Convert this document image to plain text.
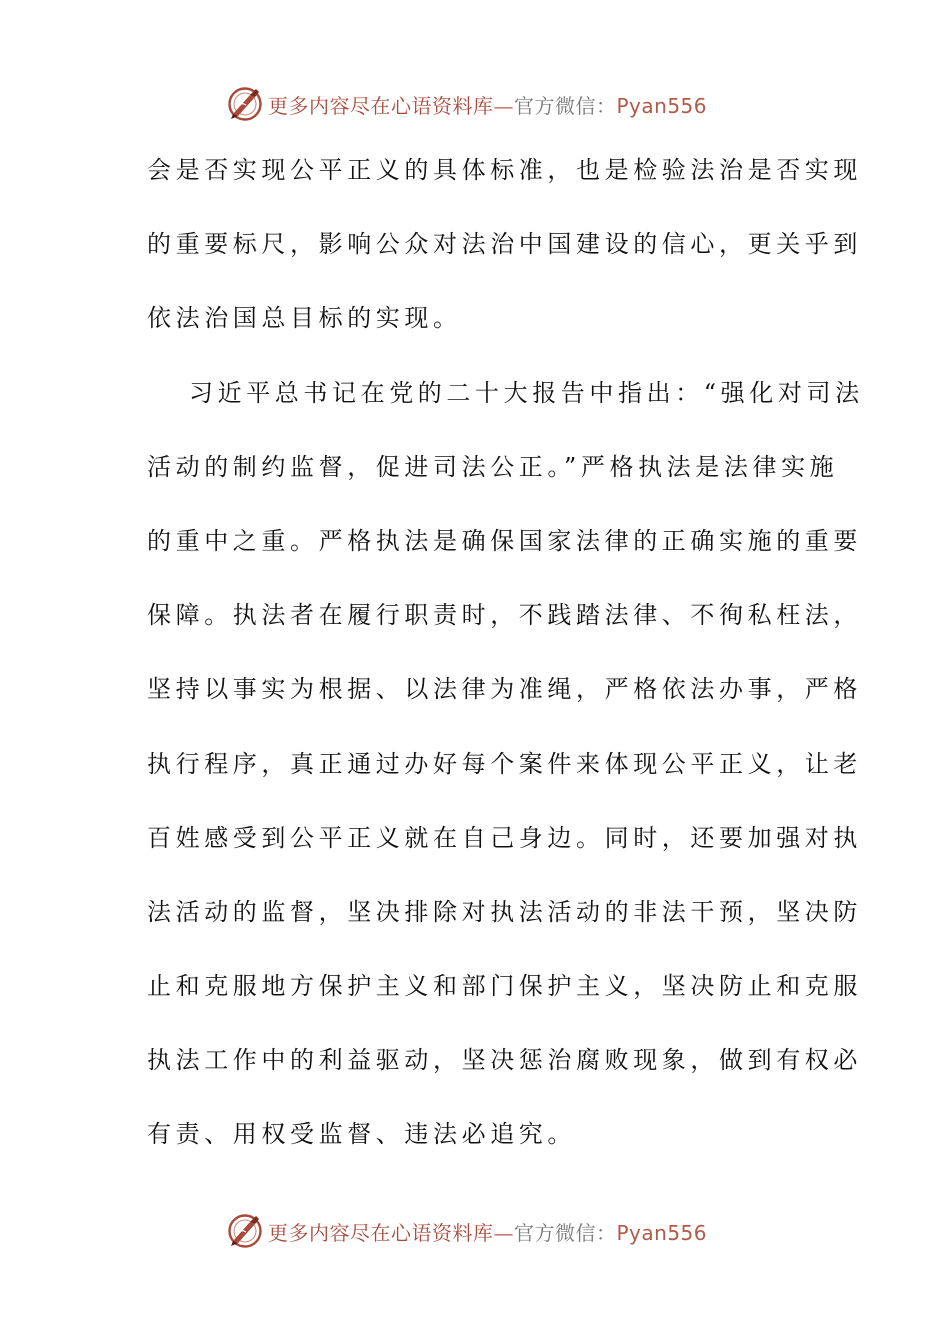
更多内容尽在心语资料库—官方微信：Pyan556
会是否实现公平正义的具体标准，也是检验法治是否实现
的重要标尺，影响公众对法治中国建设的信心，更关乎到
依法治国总目标的实现。
习近平总书记在党的二十大报告中指出：“强化对司法
活动的制约监督，促进司法公正。”严格执法是法律实施
的重中之重。严格执法是确保国家法律的正确实施的重要
保障。执法者在履行职责时，不践踏法律、不徇私枉法，
坚持以事实为根据、以法律为准绳，严格依法办事，严格
执行程序，真正通过办好每个案件来体现公平正义，让老
百姓感受到公平正义就在自己身边。同时，还要加强对执
法活动的监督，坚决排除对执法活动的非法干预，坚决防
止和克服地方保护主义和部门保护主义，坚决防止和克服
执法工作中的利益驱动，坚决惩治腐败现象，做到有权必
有责、用权受监督、违法必追究。
更多内容尽在心语资料库—官方微信：Pyan556
